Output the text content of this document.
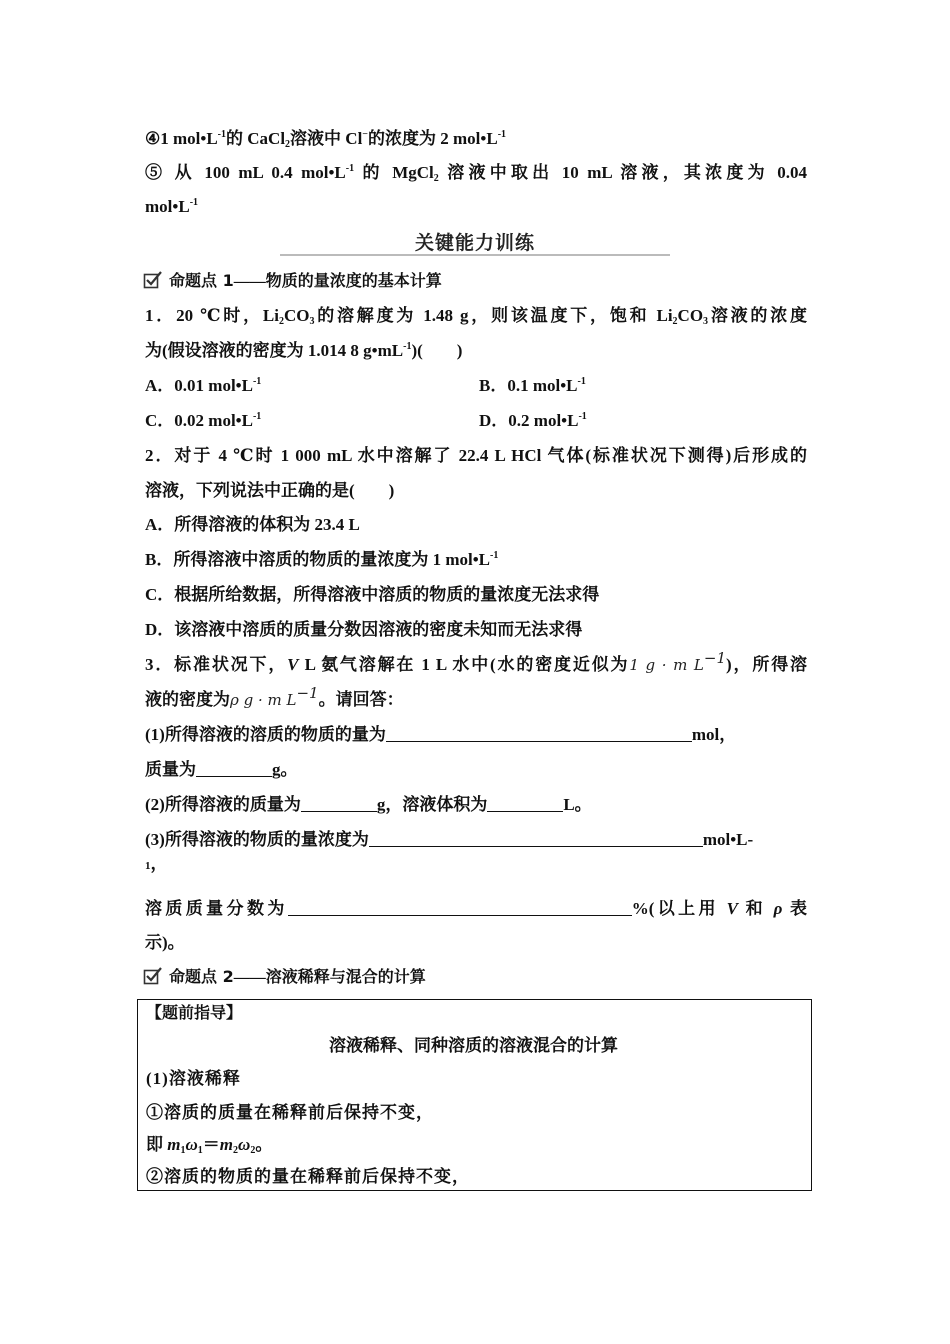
④1 $mol•L^{-1}$的 CaCl$_2$溶液中 Cl−的浓度为 2 $mol•L^{-1}$
⑤ 从 100 mL 0.4 $mol•L^{-1}$ 的 MgCl$_2$ 溶液中取出 10 mL 溶液，其浓度为 0.04
$mol•L^{-1}$
关键能力训练
命题点 1——物质的量浓度的基本计算
1．20 ℃时，$Li_2CO_3$的溶解度为 1.48 g，则该温度下，饱和 $Li_2CO_3$溶液的浓度
为(假设溶液的密度为 1.014 8 $g•mL^{-1}$)(　　)
A．0.01 $mol•L^{-1}$	B．0.1 $mol•L^{-1}$
C．0.02 $mol•L^{-1}$	D．0.2 $mol•L^{-1}$
2．对于 4 ℃时 1 000 mL 水中溶解了 22.4 L HCl 气体(标准状况下测得)后形成的
溶液，下列说法中正确的是(　　)
A．所得溶液的体积为 23.4 L
B．所得溶液中溶质的物质的量浓度为 1 $mol•L^{-1}$
C．根据所给数据，所得溶液中溶质的物质的量浓度无法求得
D．该溶液中溶质的质量分数因溶液的密度未知而无法求得
3．标准状况下，V L 氨气溶解在 1 L 水中(水的密度近似为1 g · m $L^{-1}$)，所得溶
液的密度为ρ g · m $L^{-1}$。请回答：
(1)所得溶液的溶质的物质的量为	mol，
质量为	g。
(2)所得溶液的质量为	g，溶液体积为	L。
(3)所得溶液的物质的量浓度为	mol•L-
1，
溶质质量分数为	%(以上用 V 和 ρ 表
示)。
命题点 2——溶液稀释与混合的计算
【题前指导】
溶液稀释、同种溶质的溶液混合的计算
(1)溶液稀释
①溶质的质量在稀释前后保持不变，
即 $m_1\omega_1=m_2\omega_2$。
②溶质的物质的量在稀释前后保持不变，
